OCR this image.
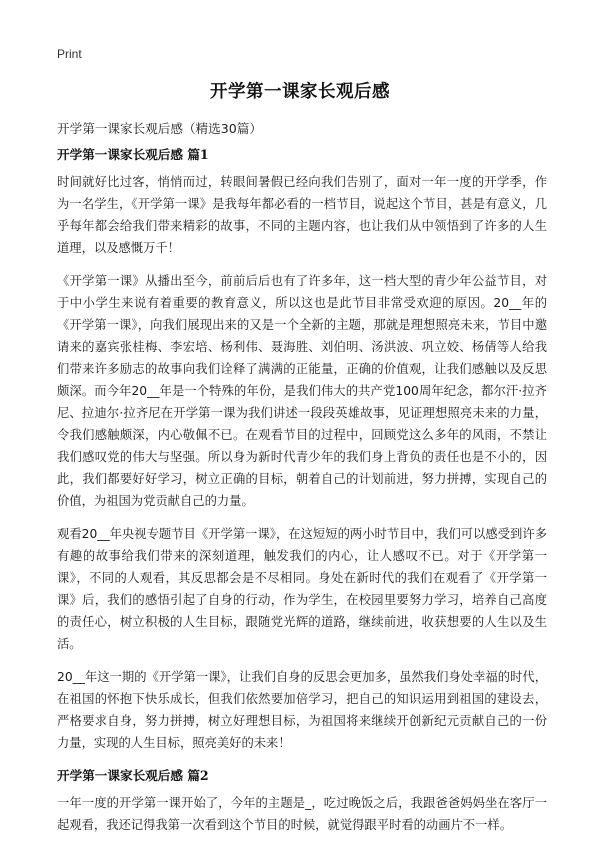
Print
开学第一课家长观后感
开学第一课家长观后感（精选30篇）
开学第一课家长观后感 篇1

时间就好比过客，悄悄而过，转眼间暑假已经向我们告别了，面对一年一度的开学季，作为一名学生，《开学第一课》是我每年都必看的一档节目，说起这个节目，甚是有意义，几乎每年都会给我们带来精彩的故事，不同的主题内容，也让我们从中领悟到了许多的人生道理，以及感慨万千！

《开学第一课》从播出至今，前前后后也有了许多年，这一档大型的青少年公益节目，对于中小学生来说有着重要的教育意义，所以这也是此节目非常受欢迎的原因。20__年的《开学第一课》，向我们展现出来的又是一个全新的主题，那就是理想照亮未来，节目中邀请来的嘉宾张桂梅、李宏培、杨利伟、聂海胜、刘伯明、汤洪波、巩立姣、杨倩等人给我们带来许多励志的故事向我们诠释了满满的正能量，正确的价值观，让我们感触以及反思颇深。而今年20__年是一个特殊的年份，是我们伟大的共产党100周年纪念，都尔汗·拉齐尼、拉迪尔·拉齐尼在开学第一课为我们讲述一段段英雄故事，见证理想照亮未来的力量，令我们感触颇深，内心敬佩不已。在观看节目的过程中，回顾党这么多年的风雨，不禁让我们感叹党的伟大与坚强。所以身为新时代青少年的我们身上背负的责任也是不小的，因此，我们都要好好学习，树立正确的目标，朝着自己的计划前进，努力拼搏，实现自己的价值，为祖国为党贡献自己的力量。

观看20__年央视专题节目《开学第一课》，在这短短的两小时节目中，我们可以感受到许多有趣的故事给我们带来的深刻道理，触发我们的内心，让人感叹不已。对于《开学第一课》，不同的人观看，其反思都会是不尽相同。身处在新时代的我们在观看了《开学第一课》后，我们的感悟引起了自身的行动，作为学生，在校园里要努力学习，培养自己高度的责任心，树立积极的人生目标，跟随党光辉的道路，继续前进，收获想要的人生以及生活。

20__年这一期的《开学第一课》，让我们自身的反思会更加多，虽然我们身处幸福的时代，在祖国的怀抱下快乐成长，但我们依然要加倍学习，把自己的知识运用到祖国的建设去，严格要求自身，努力拼搏，树立好理想目标，为祖国将来继续开创新纪元贡献自己的一份力量，实现的人生目标，照亮美好的未来！

开学第一课家长观后感 篇2

一年一度的开学第一课开始了，今年的主题是_，吃过晚饭之后，我跟爸爸妈妈坐在客厅一起观看，我还记得我第一次看到这个节目的时候，就觉得跟平时看的动画片不一样。
